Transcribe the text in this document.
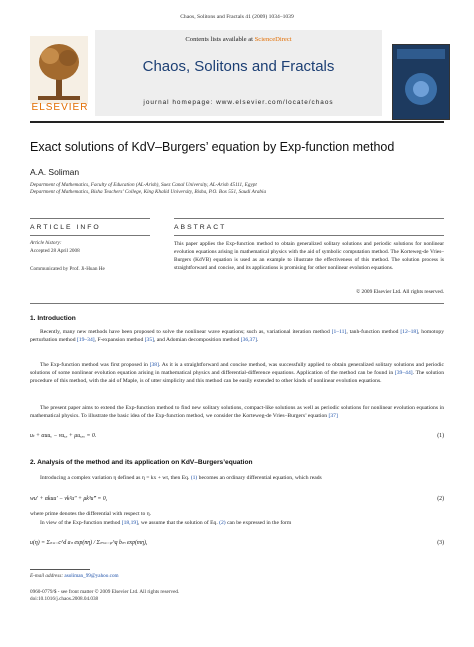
Chaos, Solitons and Fractals 41 (2009) 1034–1039
Contents lists available at ScienceDirect
Chaos, Solitons and Fractals
journal homepage: www.elsevier.com/locate/chaos
ELSEVIER
Exact solutions of KdV–Burgers’ equation by Exp-function method
A.A. Soliman
Department of Mathematics, Faculty of Education (AL-Arish), Suez Canal University, AL-Arish 45111, Egypt
Department of Mathematics, Bisha Teachers’ College, King Khalid University, Bisha, P.O. Box 551, Saudi Arabia
ARTICLE INFO	ABSTRACT
Article history:
Accepted 28 April 2008
Communicated by Prof. Ji-Huan He
This paper applies the Exp-function method to obtain generalized solitary solutions and periodic solutions for nonlinear evolution equations arising in mathematical physics with the aid of symbolic computation method. The Korteweg-de Vries–Burgers (KdVB) equation is used as an example to illustrate the effectiveness of this method. The solution process is straightforward and concise, and its applications is promising for other nonlinear evolution equations.
© 2009 Elsevier Ltd. All rights reserved.
1. Introduction
Recently, many new methods have been proposed to solve the nonlinear wave equations; such as, variational iteration method [1–11], tanh-function method [12–18], homotopy perturbation method [19–34], F-expansion method [35], and Adomian decomposition method [36,37].
The Exp-function method was first proposed in [38]. As it is a straightforward and concise method, was successfully applied to obtain generalized solitary solutions and periodic solutions of some nonlinear evolution equation arising in mathematical physics and differential-difference equations. Application of the method can be found in [39–44]. The solution procedure of this method, with the aid of Maple, is of utter simplicity and this method can be easily extended to other kinds of nonlinear evolution equations.
The present paper aims to extend the Exp-function method to find new solitary solutions, compact-like solutions as well as periodic solutions for nonlinear evolution equations in mathematical physics. To illustrate the basic idea of the Exp-function method, we consider the Korteweg-de Vries–Burgers’ equation [37]
uₜ + αuuₓ − νuₓₓ + μuₓₓₓ = 0.	(1)
2. Analysis of the method and its application on KdV–Burgers’equation
Introducing a complex variation η defined as η = kx + wt, then Eq. (1) becomes an ordinary differential equation, which reads
wu′ + αkuu′ − νk²u″ + μk³u‴ = 0,	(2)
where prime denotes the differential with respect to η.
In view of the Exp-function method [18,19], we assume that the solution of Eq. (2) can be expressed in the form
u(η) = Σₙ₌₋c^d aₙ exp(nη) / Σₘ₌₋ₚ^q bₘ exp(mη),	(3)
E-mail address: asoliman_99@yahoo.com
0960-0779/$ - see front matter © 2009 Elsevier Ltd. All rights reserved.
doi:10.1016/j.chaos.2008.04.038
